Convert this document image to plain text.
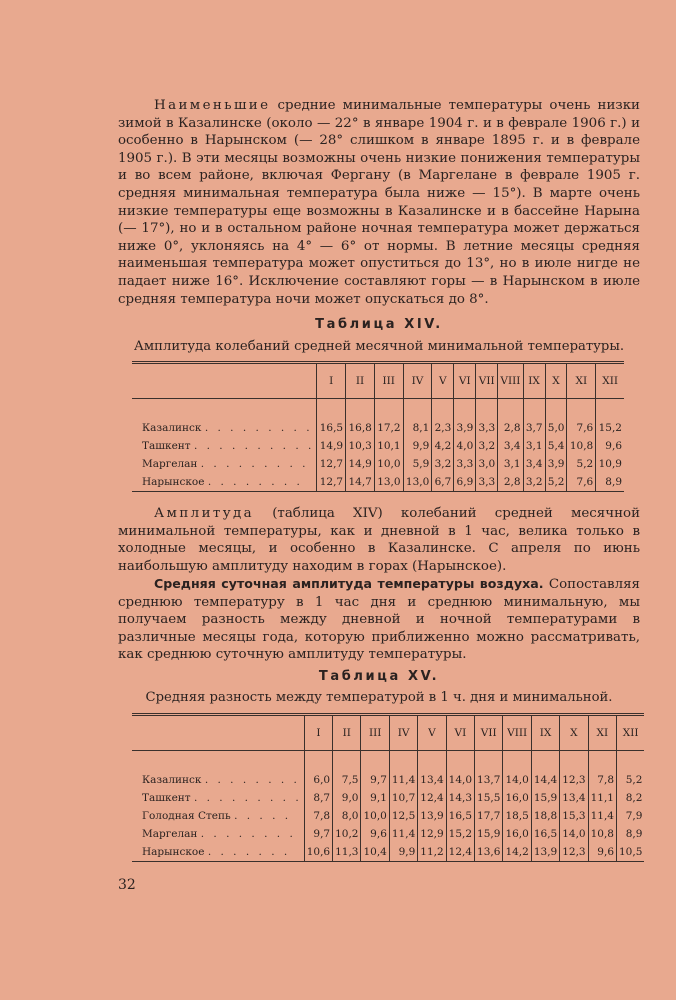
Наименьшие средние минимальные температуры очень низки зимой в Казалинске (около — 22° в январе 1904 г. и в феврале 1906 г.) и особенно в Нарынском (— 28° слишком в январе 1895 г. и в феврале 1905 г.). В эти месяцы возможны очень низкие понижения температуры и во всем районе, включая Фергану (в Маргелане в феврале 1905 г. средняя минимальная температура была ниже — 15°). В марте очень низкие температуры еще возможны в Казалинске и в бассейне Нарына (— 17°), но и в остальном районе ночная температура может держаться ниже 0°, уклоняясь на 4° — 6° от нормы. В летние месяцы средняя наименьшая температура может опуститься до 13°, но в июле нигде не падает ниже 16°. Исключение составляют горы — в Нарынском в июле средняя температура ночи может опускаться до 8°.

Таблица XIV.

Амплитуда колебаний средней месячной минимальной температуры.

	I	II	III	IV	V	VI	VII	VIII	IX	X	XI	XII

Казалинск . . . . . . . . .	16,5	16,8	17,2	8,1	2,3	3,9	3,3	2,8	3,7	5,0	7,6	15,2
Ташкент . . . . . . . . . .	14,9	10,3	10,1	9,9	4,2	4,0	3,2	3,4	3,1	5,4	10,8	9,6
Маргелан . . . . . . . . .	12,7	14,9	10,0	5,9	3,2	3,3	3,0	3,1	3,4	3,9	5,2	10,9
Нарынское . . . . . . . .	12,7	14,7	13,0	13,0	6,7	6,9	3,3	2,8	3,2	5,2	7,6	8,9

Амплитуда (таблица XIV) колебаний средней месячной минимальной температуры, как и дневной в 1 час, велика только в холодные месяцы, и особенно в Казалинске. С апреля по июнь наибольшую амплитуду находим в горах (Нарынское).

Средняя суточная амплитуда температуры воздуха. Сопоставляя среднюю температуру в 1 час дня и среднюю минимальную, мы получаем разность между дневной и ночной температурами в различные месяцы года, которую приближенно можно рассматривать, как среднюю суточную амплитуду температуры.

Таблица XV.

Средняя разность между температурой в 1 ч. дня и минимальной.

	I	II	III	IV	V	VI	VII	VIII	IX	X	XI	XII

Казалинск . . . . . . . .	6,0	7,5	9,7	11,4	13,4	14,0	13,7	14,0	14,4	12,3	7,8	5,2
Ташкент . . . . . . . . .	8,7	9,0	9,1	10,7	12,4	14,3	15,5	16,0	15,9	13,4	11,1	8,2
Голодная Степь . . . . .	7,8	8,0	10,0	12,5	13,9	16,5	17,7	18,5	18,8	15,3	11,4	7,9
Маргелан . . . . . . . .	9,7	10,2	9,6	11,4	12,9	15,2	15,9	16,0	16,5	14,0	10,8	8,9
Нарынское . . . . . . .	10,6	11,3	10,4	9,9	11,2	12,4	13,6	14,2	13,9	12,3	9,6	10,5

32
